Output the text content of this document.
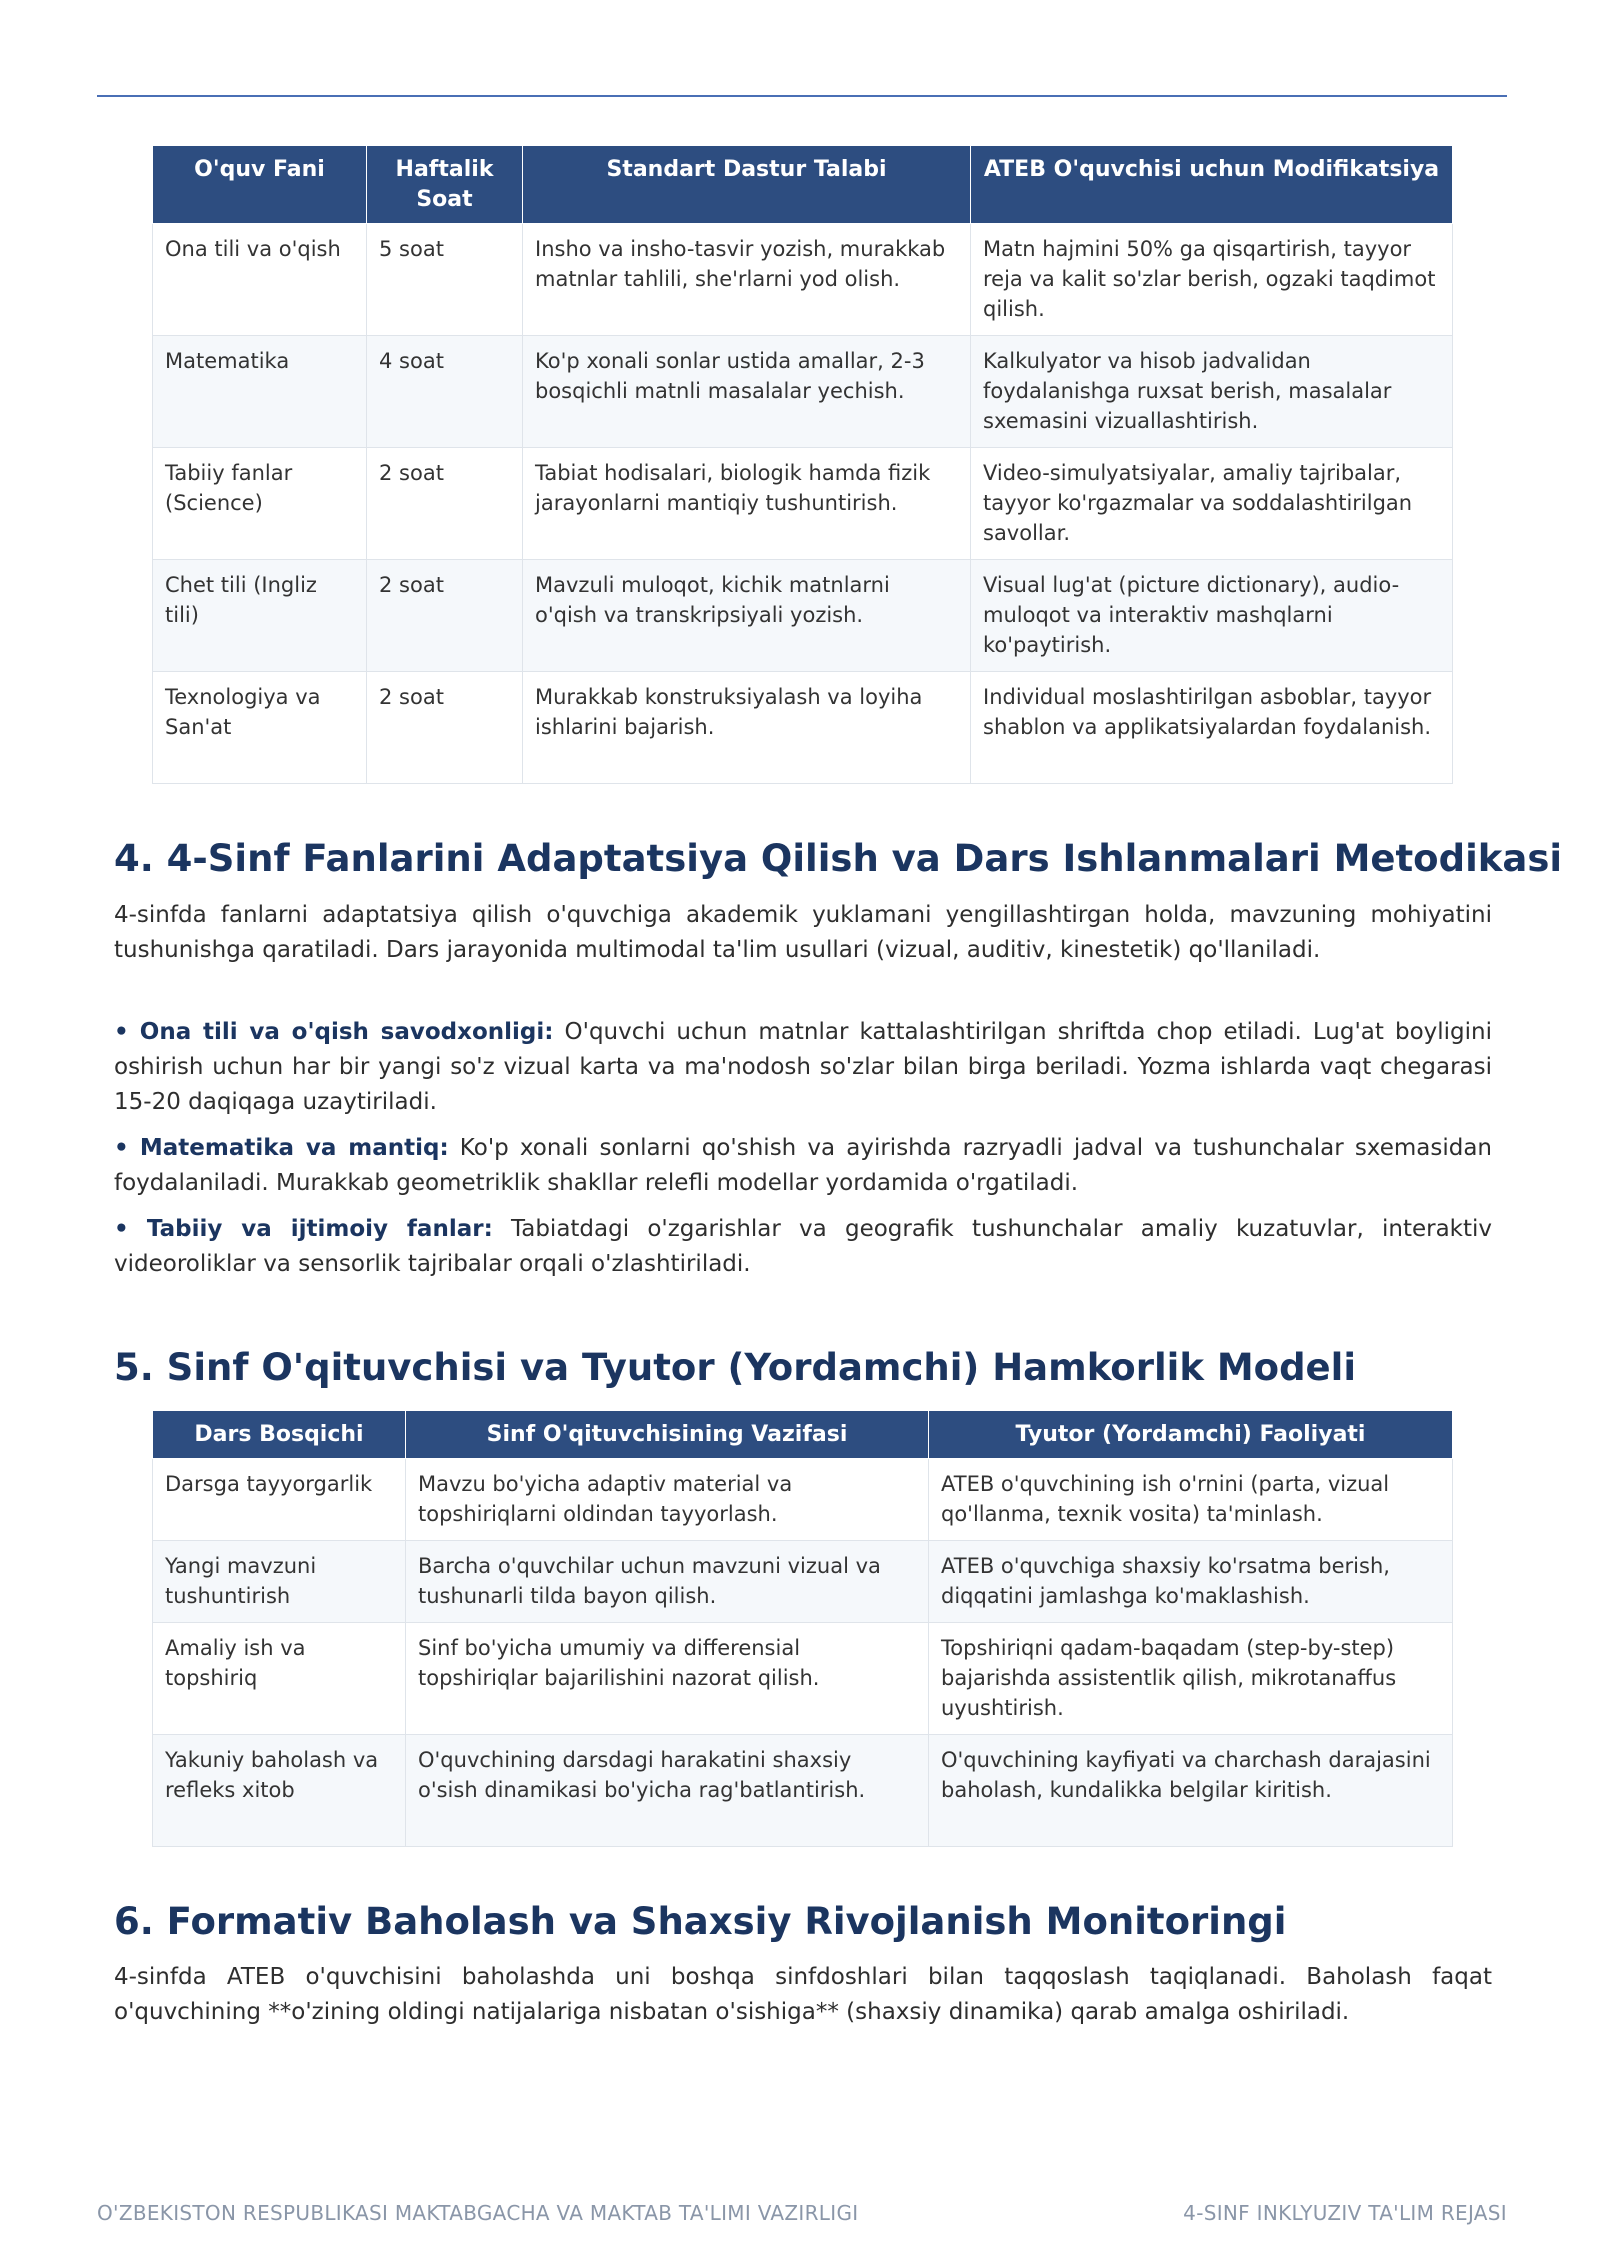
O'quv Fani	Haftalik Soat	Standart Dastur Talabi	ATEB O'quvchisi uchun Modifikatsiya
Ona tili va o'qish	5 soat	Insho va insho-tasvir yozish, murakkab matnlar tahlili, she'rlarni yod olish.	Matn hajmini 50% ga qisqartirish, tayyor reja va kalit so'zlar berish, ogzaki taqdimot qilish.
Matematika	4 soat	Ko'p xonali sonlar ustida amallar, 2-3 bosqichli matnli masalalar yechish.	Kalkulyator va hisob jadvalidan foydalanishga ruxsat berish, masalalar sxemasini vizuallashtirish.
Tabiiy fanlar (Science)	2 soat	Tabiat hodisalari, biologik hamda fizik jarayonlarni mantiqiy tushuntirish.	Video-simulyatsiyalar, amaliy tajribalar, tayyor ko'rgazmalar va soddalashtirilgan savollar.
Chet tili (Ingliz tili)	2 soat	Mavzuli muloqot, kichik matnlarni o'qish va transkripsiyali yozish.	Visual lug'at (picture dictionary), audio-muloqot va interaktiv mashqlarni ko'paytirish.
Texnologiya va San'at	2 soat	Murakkab konstruksiyalash va loyiha ishlarini bajarish.	Individual moslashtirilgan asboblar, tayyor shablon va applikatsiyalardan foydalanish.
4. 4-Sinf Fanlarini Adaptatsiya Qilish va Dars Ishlanmalari Metodikasi

4-sinfda fanlarni adaptatsiya qilish o'quvchiga akademik yuklamani yengillashtirgan holda, mavzuning mohiyatini tushunishga qaratiladi. Dars jarayonida multimodal ta'lim usullari (vizual, auditiv, kinestetik) qo'llaniladi.

• Ona tili va o'qish savodxonligi: O'quvchi uchun matnlar kattalashtirilgan shriftda chop etiladi. Lug'at boyligini oshirish uchun har bir yangi so'z vizual karta va ma'nodosh so'zlar bilan birga beriladi. Yozma ishlarda vaqt chegarasi 15-20 daqiqaga uzaytiriladi.

• Matematika va mantiq: Ko'p xonali sonlarni qo'shish va ayirishda razryadli jadval va tushunchalar sxemasidan foydalaniladi. Murakkab geometriklik shakllar relefli modellar yordamida o'rgatiladi.

• Tabiiy va ijtimoiy fanlar: Tabiatdagi o'zgarishlar va geografik tushunchalar amaliy kuzatuvlar, interaktiv videoroliklar va sensorlik tajribalar orqali o'zlashtiriladi.

5. Sinf O'qituvchisi va Tyutor (Yordamchi) Hamkorlik Modeli
Dars Bosqichi	Sinf O'qituvchisining Vazifasi	Tyutor (Yordamchi) Faoliyati
Darsga tayyorgarlik	Mavzu bo'yicha adaptiv material va topshiriqlarni oldindan tayyorlash.	ATEB o'quvchining ish o'rnini (parta, vizual qo'llanma, texnik vosita) ta'minlash.
Yangi mavzuni tushuntirish	Barcha o'quvchilar uchun mavzuni vizual va tushunarli tilda bayon qilish.	ATEB o'quvchiga shaxsiy ko'rsatma berish, diqqatini jamlashga ko'maklashish.
Amaliy ish va topshiriq	Sinf bo'yicha umumiy va differensial topshiriqlar bajarilishini nazorat qilish.	Topshiriqni qadam-baqadam (step-by-step) bajarishda assistentlik qilish, mikrotanaffus uyushtirish.
Yakuniy baholash va refleks xitob	O'quvchining darsdagi harakatini shaxsiy o'sish dinamikasi bo'yicha rag'batlantirish.	O'quvchining kayfiyati va charchash darajasini baholash, kundalikka belgilar kiritish.
6. Formativ Baholash va Shaxsiy Rivojlanish Monitoringi

4-sinfda ATEB o'quvchisini baholashda uni boshqa sinfdoshlari bilan taqqoslash taqiqlanadi. Baholash faqat o'quvchining **o'zining oldingi natijalariga nisbatan o'sishiga** (shaxsiy dinamika) qarab amalga oshiriladi.

O'ZBEKISTON RESPUBLIKASI MAKTABGACHA VA MAKTAB TA'LIMI VAZIRLIGI	4-SINF INKLYUZIV TA'LIM REJASI
